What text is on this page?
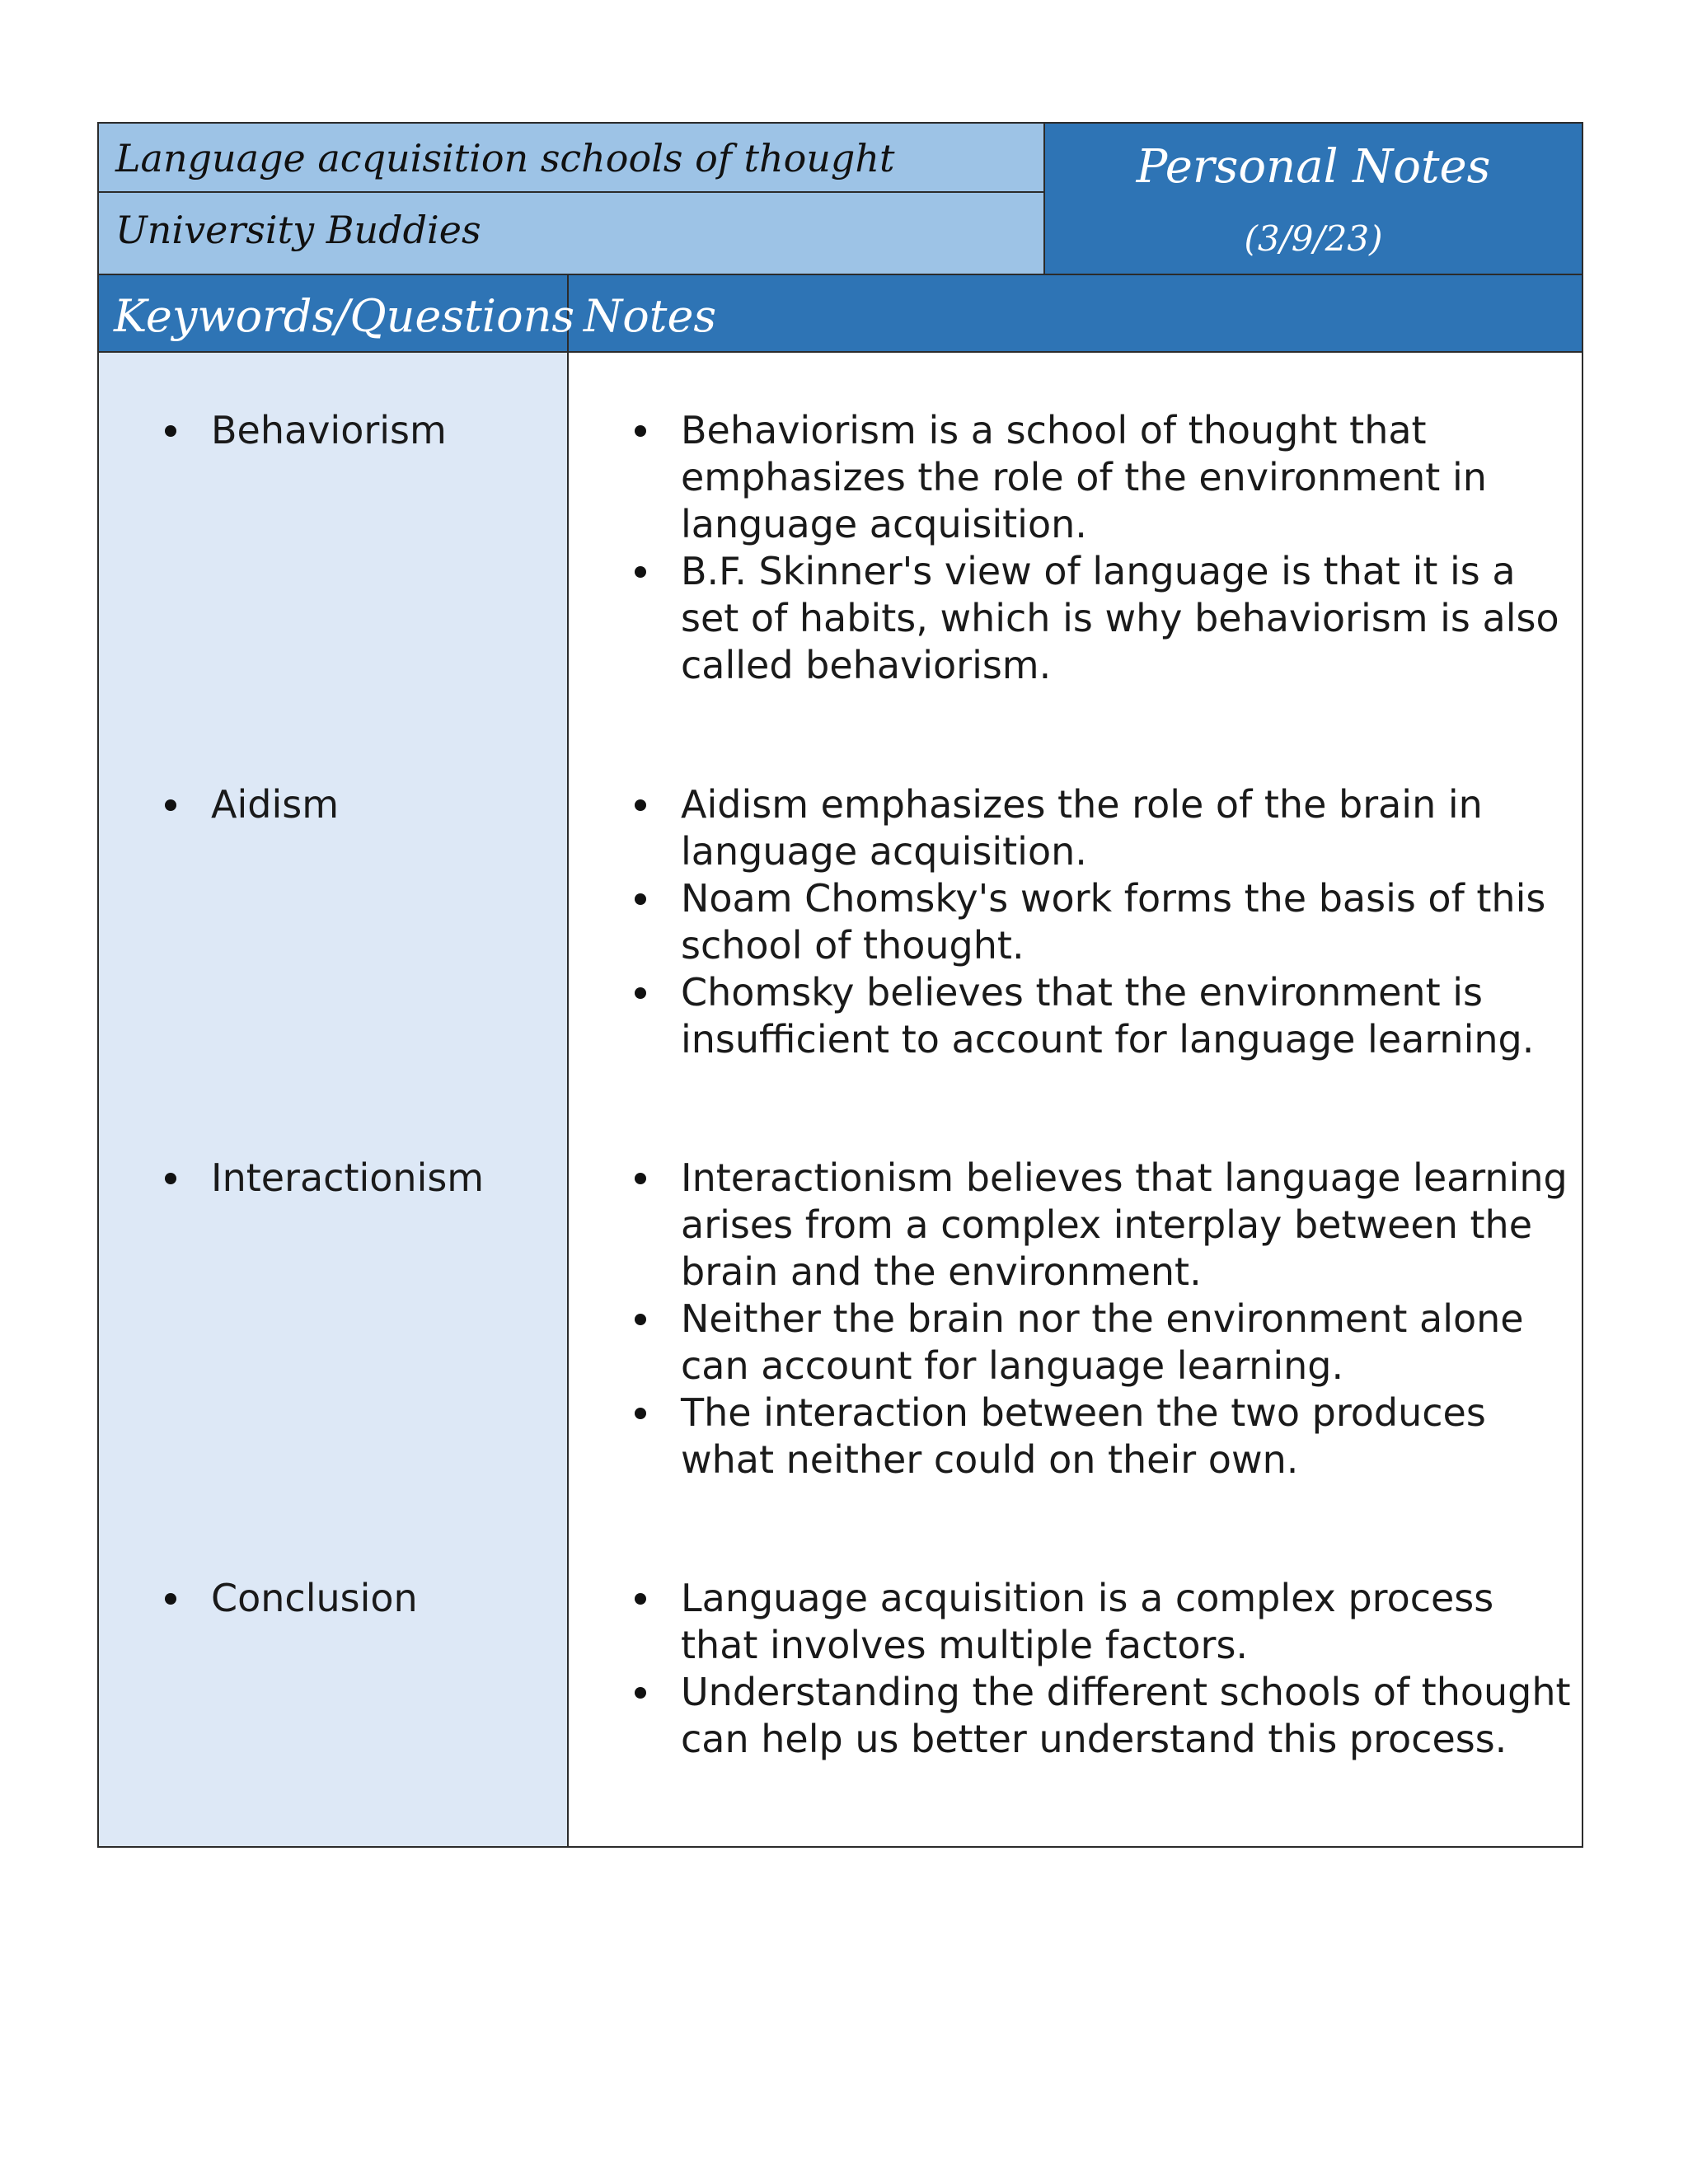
Language acquisition schools of thought
University Buddies
Personal Notes
(3/9/23)
Keywords/Questions Notes
Behaviorism
Aidism
Interactionism
Conclusion
Behaviorism is a school of thought that emphasizes the role of the environment in language acquisition.
B.F. Skinner's view of language is that it is a set of habits, which is why behaviorism is also called behaviorism.
Aidism emphasizes the role of the brain in language acquisition.
Noam Chomsky's work forms the basis of this school of thought.
Chomsky believes that the environment is insufficient to account for language learning.
Interactionism believes that language learning arises from a complex interplay between the brain and the environment.
Neither the brain nor the environment alone can account for language learning.
The interaction between the two produces what neither could on their own.
Language acquisition is a complex process that involves multiple factors.
Understanding the different schools of thought can help us better understand this process.
